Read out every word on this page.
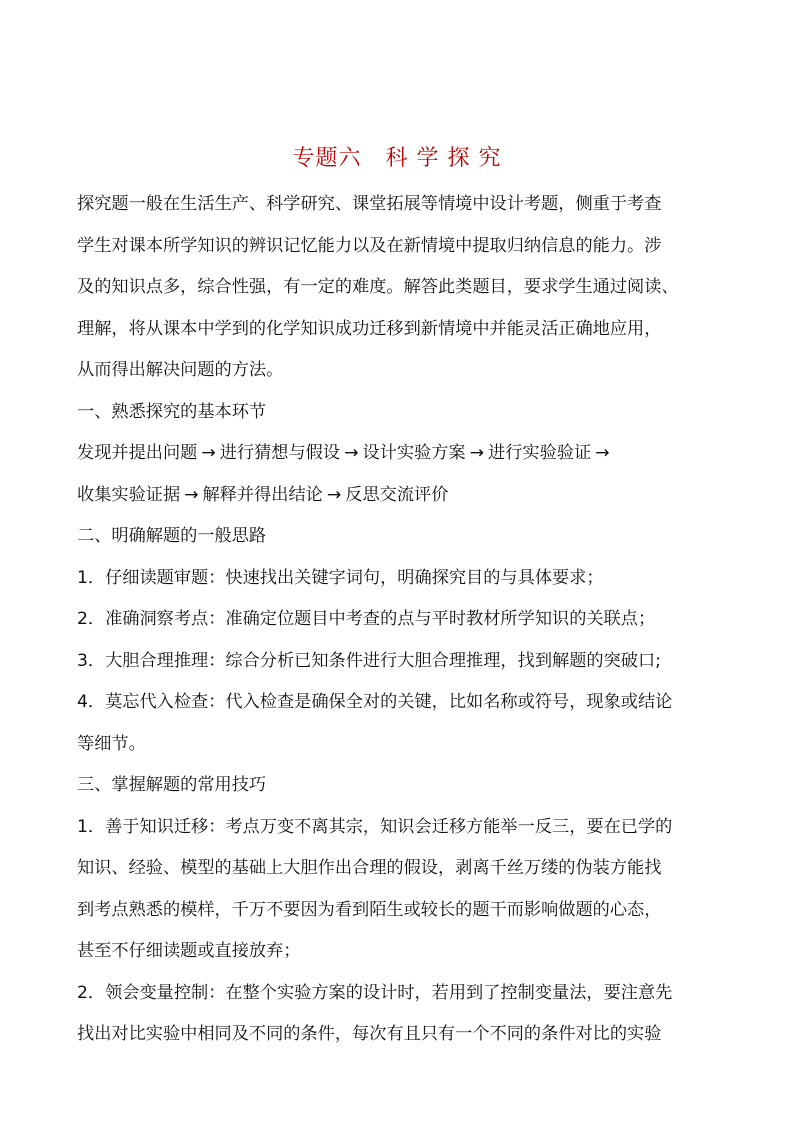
专题六   科 学 探 究
探究题一般在生活生产、科学研究、课堂拓展等情境中设计考题，侧重于考查
学生对课本所学知识的辨识记忆能力以及在新情境中提取归纳信息的能力。涉
及的知识点多，综合性强，有一定的难度。解答此类题目，要求学生通过阅读、
理解，将从课本中学到的化学知识成功迁移到新情境中并能灵活正确地应用，
从而得出解决问题的方法。
一、熟悉探究的基本环节
发现并提出问题 → 进行猜想与假设 → 设计实验方案 → 进行实验验证 →
收集实验证据 → 解释并得出结论 → 反思交流评价
二、明确解题的一般思路
1．仔细读题审题：快速找出关键字词句，明确探究目的与具体要求；
2．准确洞察考点：准确定位题目中考查的点与平时教材所学知识的关联点；
3．大胆合理推理：综合分析已知条件进行大胆合理推理，找到解题的突破口;
4．莫忘代入检查：代入检查是确保全对的关键，比如名称或符号，现象或结论
等细节。
三、掌握解题的常用技巧
1．善于知识迁移：考点万变不离其宗，知识会迁移方能举一反三，要在已学的
知识、经验、模型的基础上大胆作出合理的假设，剥离千丝万缕的伪装方能找
到考点熟悉的模样，千万不要因为看到陌生或较长的题干而影响做题的心态，
甚至不仔细读题或直接放弃；
2．领会变量控制：在整个实验方案的设计时，若用到了控制变量法，要注意先
找出对比实验中相同及不同的条件，每次有且只有一个不同的条件对比的实验
